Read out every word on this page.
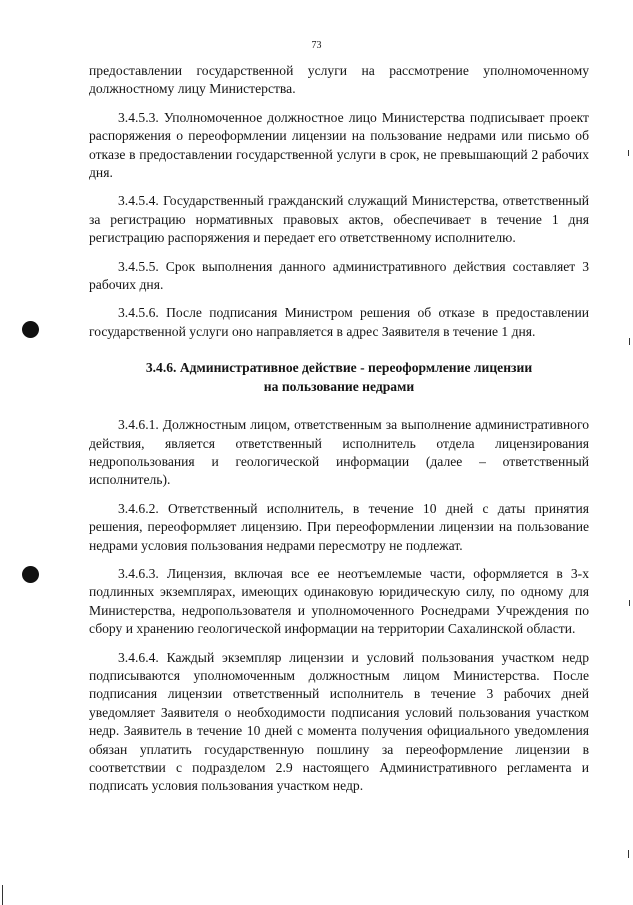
73

предоставлении государственной услуги на рассмотрение уполномоченному должностному лицу Министерства.

3.4.5.3. Уполномоченное должностное лицо Министерства подписывает проект распоряжения о переоформлении лицензии на пользование недрами или письмо об отказе в предоставлении государственной услуги в срок, не превышающий 2 рабочих дня.

3.4.5.4. Государственный гражданский служащий Министерства, ответственный за регистрацию нормативных правовых актов, обеспечивает в течение 1 дня регистрацию распоряжения и передает его ответственному исполнителю.

3.4.5.5. Срок выполнения данного административного действия составляет 3 рабочих дня.

3.4.5.6. После подписания Министром решения об отказе в предоставлении государственной услуги оно направляется в адрес Заявителя в течение 1 дня.

3.4.6. Административное действие - переоформление лицензии
на пользование недрами

3.4.6.1. Должностным лицом, ответственным за выполнение административного действия, является ответственный исполнитель отдела лицензирования недропользования и геологической информации (далее – ответственный исполнитель).

3.4.6.2. Ответственный исполнитель, в течение 10 дней с даты принятия решения, переоформляет лицензию. При переоформлении лицензии на пользование недрами условия пользования недрами пересмотру не подлежат.

3.4.6.3. Лицензия, включая все ее неотъемлемые части, оформляется в 3-х подлинных экземплярах, имеющих одинаковую юридическую силу, по одному для Министерства, недропользователя и уполномоченного Роснедрами Учреждения по сбору и хранению геологической информации на территории Сахалинской области.

3.4.6.4. Каждый экземпляр лицензии и условий пользования участком недр подписываются уполномоченным должностным лицом Министерства. После подписания лицензии ответственный исполнитель в течение 3 рабочих дней уведомляет Заявителя о необходимости подписания условий пользования участком недр. Заявитель в течение 10 дней с момента получения официального уведомления обязан уплатить государственную пошлину за переоформление лицензии в соответствии с подразделом 2.9 настоящего Административного регламента и подписать условия пользования участком недр.
